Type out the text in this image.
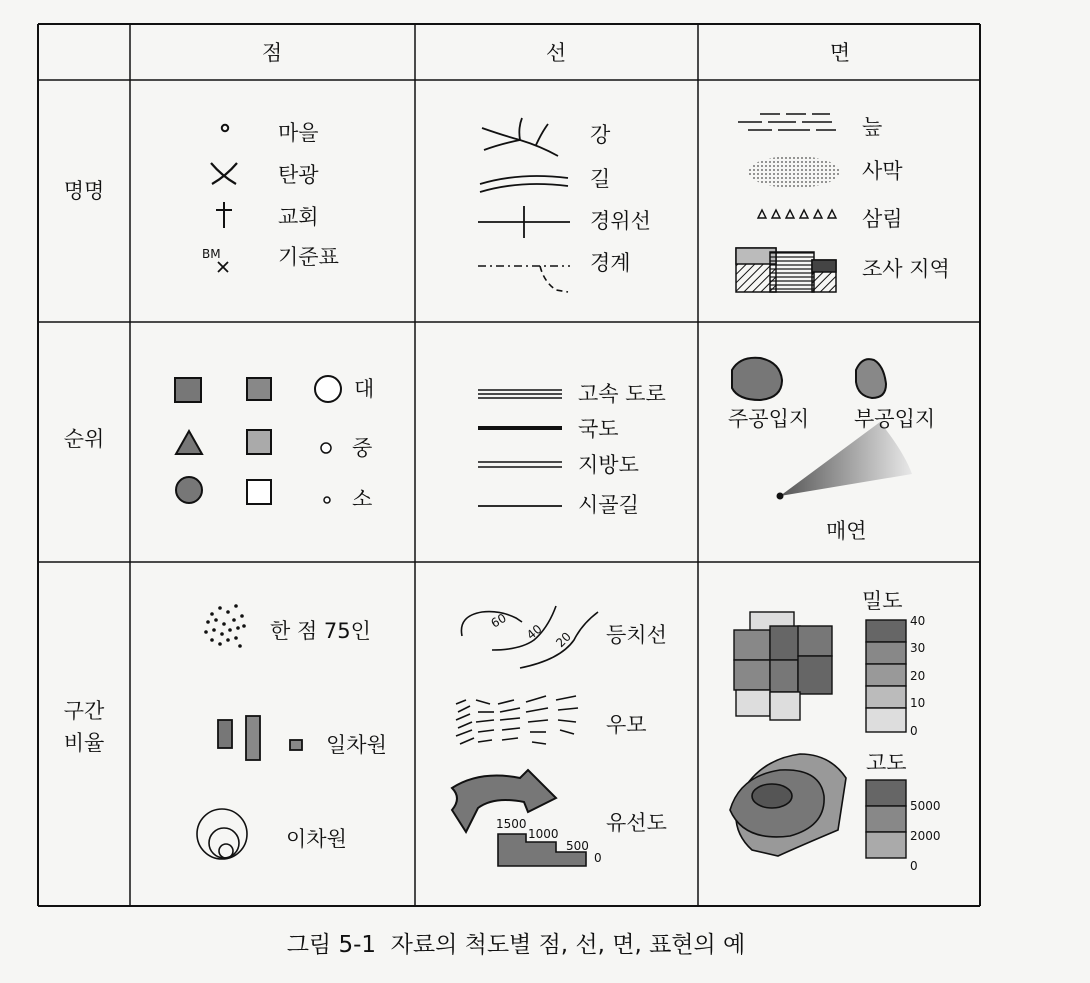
점	선	면
명명
순위
구간
비율
BM
마을
탄광
교회
기준표
강
길
경위선
경계
늪
사막
삼림
조사 지역
대
중
소
고속 도로
국도
지방도
시골길
주공입지 부공입지
매연
한 점 75인
일차원
이차원
60
40 20
1500
1000
500
0
등치선
우모
유선도
밀도
40
30
20
10
0
고도
5000
2000
0
그림 5-1  자료의 척도별 점, 선, 면, 표현의 예
